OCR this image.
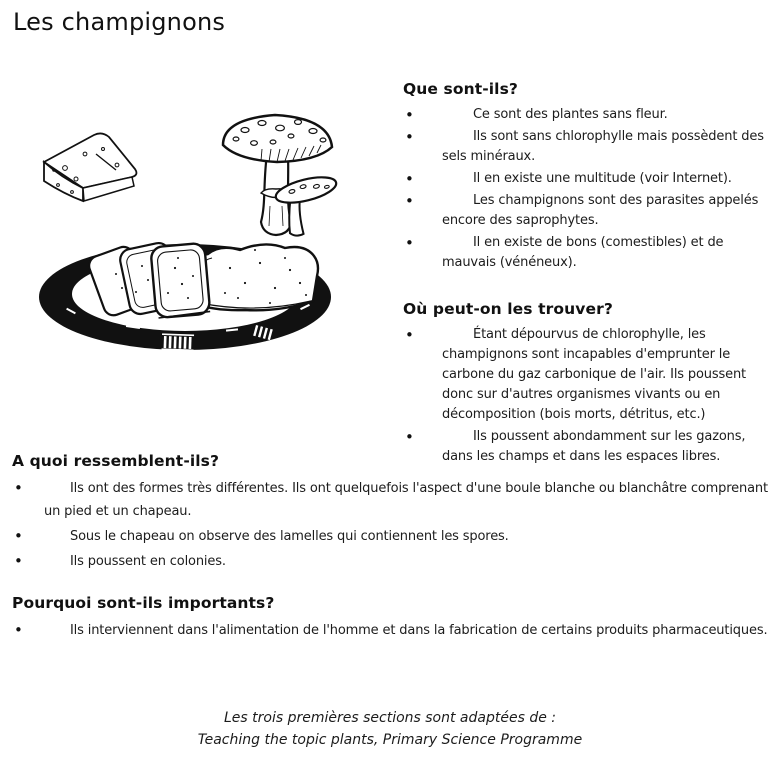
Les champignons
Que sont-ils?
• Ce sont des plantes sans fleur.
• Ils sont sans chlorophylle mais possèdent des sels minéraux.
• Il en existe une multitude (voir Internet).
• Les champignons sont des parasites appelés encore des saprophytes.
• Il en existe de bons (comestibles) et de mauvais (vénéneux).
Où peut-on les trouver?
• Étant dépourvus de chlorophylle, les champignons sont incapables d'emprunter le carbone du gaz carbonique de l'air. Ils poussent donc sur d'autres organismes vivants ou en décomposition (bois morts, détritus, etc.)
• Ils poussent abondamment sur les gazons, dans les champs et dans les espaces libres.
A quoi ressemblent-ils?
• Ils ont des formes très différentes. Ils ont quelquefois l'aspect d'une boule blanche ou blanchâtre comprenant un pied et un chapeau.
• Sous le chapeau on observe des lamelles qui contiennent les spores.
• Ils poussent en colonies.
Pourquoi sont-ils importants?
• Ils interviennent dans l'alimentation de l'homme et dans la fabrication de certains produits pharmaceutiques.
Les trois premières sections sont adaptées de :
Teaching the topic plants, Primary Science Programme
